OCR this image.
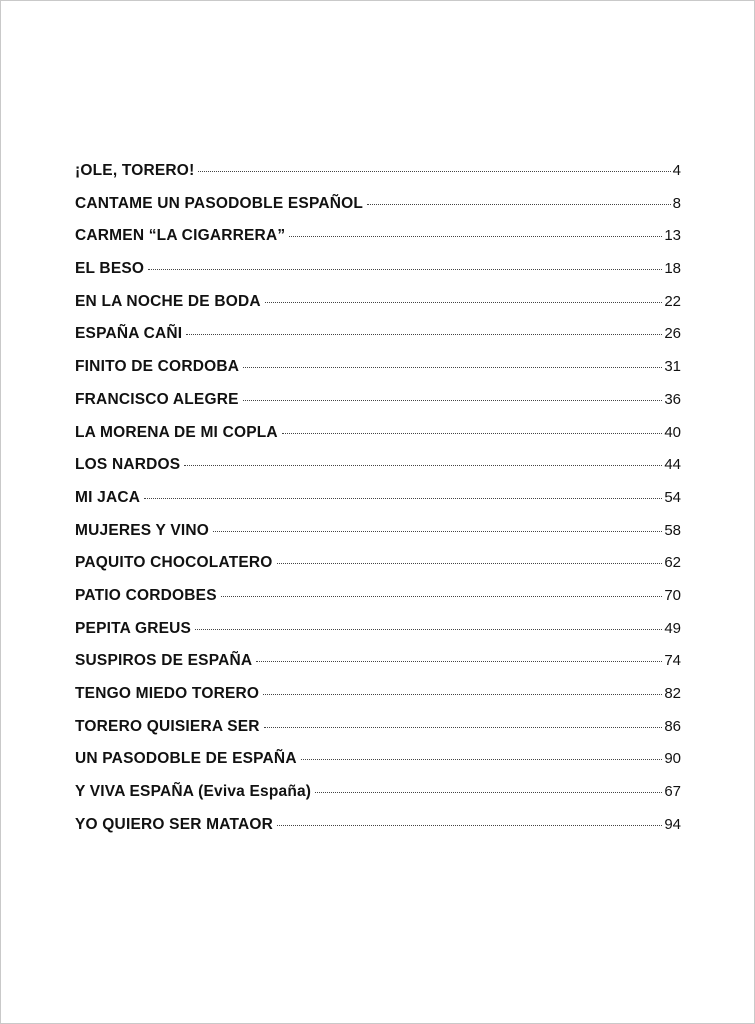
¡OLE, TORERO!	4
CANTAME UN PASODOBLE ESPAÑOL	8
CARMEN “LA CIGARRERA”	13
EL BESO	18
EN LA NOCHE DE BODA	22
ESPAÑA CAÑI	26
FINITO DE CORDOBA	31
FRANCISCO ALEGRE	36
LA MORENA DE MI COPLA	40
LOS NARDOS	44
MI JACA	54
MUJERES Y VINO	58
PAQUITO CHOCOLATERO	62
PATIO CORDOBES	70
PEPITA GREUS	49
SUSPIROS DE ESPAÑA	74
TENGO MIEDO TORERO	82
TORERO QUISIERA SER	86
UN PASODOBLE DE ESPAÑA	90
Y VIVA ESPAÑA (Eviva España)	67
YO QUIERO SER MATAOR	94
